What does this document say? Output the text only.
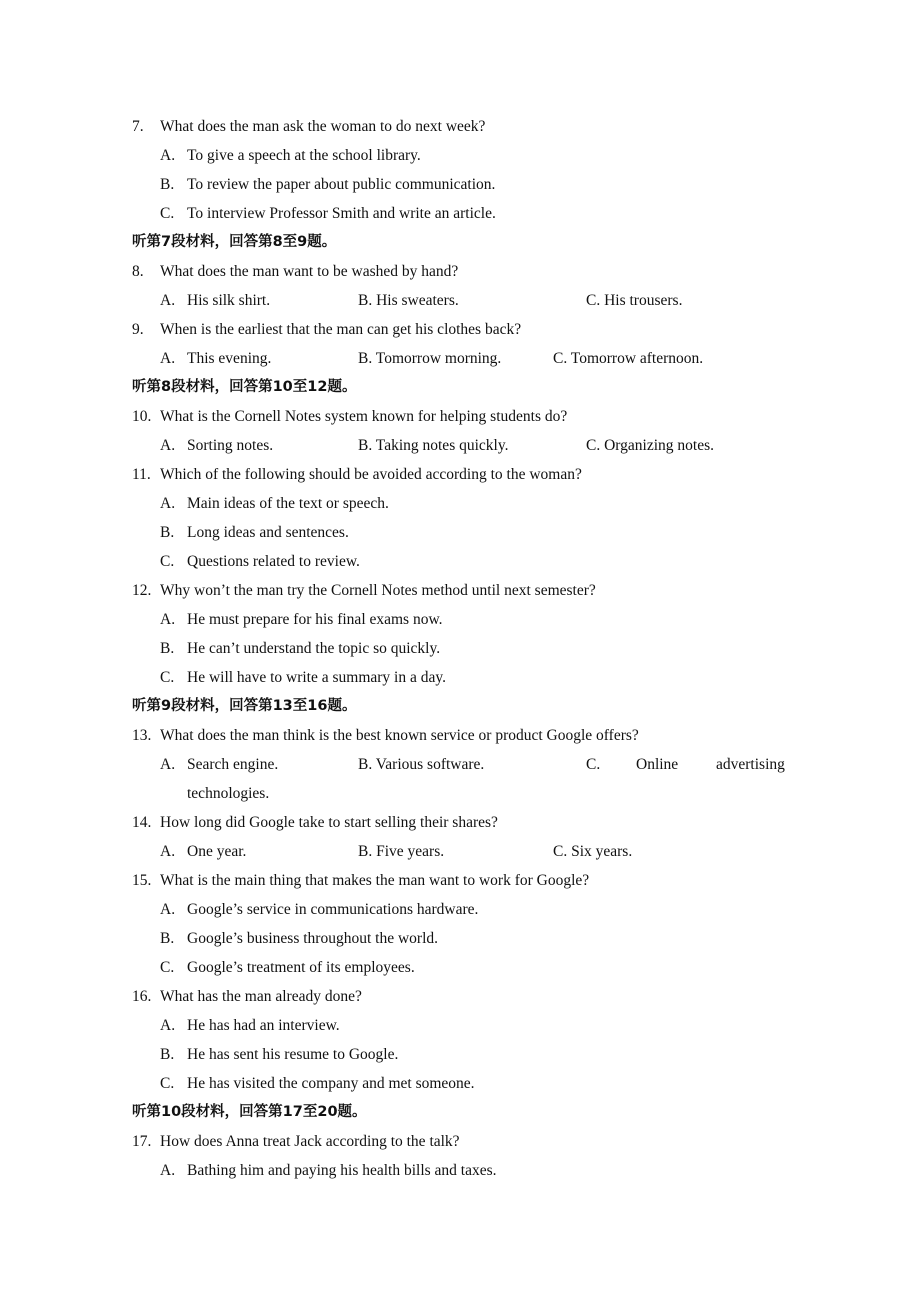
7. What does the man ask the woman to do next week?
A. To give a speech at the school library.
B. To review the paper about public communication.
C. To interview Professor Smith and write an article.
听第7段材料，回答第8至9题。
8. What does the man want to be washed by hand?
A. His silk shirt.	B. His sweaters.	C. His trousers.
9. When is the earliest that the man can get his clothes back?
A. This evening.	B. Tomorrow morning.	C. Tomorrow afternoon.
听第8段材料，回答第10至12题。
10. What is the Cornell Notes system known for helping students do?
A. Sorting notes.	B. Taking notes quickly.	C. Organizing notes.
11. Which of the following should be avoided according to the woman?
A. Main ideas of the text or speech.
B. Long ideas and sentences.
C. Questions related to review.
12. Why won’t the man try the Cornell Notes method until next semester?
A. He must prepare for his final exams now.
B. He can’t understand the topic so quickly.
C. He will have to write a summary in a day.
听第9段材料，回答第13至16题。
13. What does the man think is the best known service or product Google offers?
A. Search engine.	B. Various software.	C. Online advertising
technologies.
14. How long did Google take to start selling their shares?
A. One year.	B. Five years.	C. Six years.
15. What is the main thing that makes the man want to work for Google?
A. Google’s service in communications hardware.
B. Google’s business throughout the world.
C. Google’s treatment of its employees.
16. What has the man already done?
A. He has had an interview.
B. He has sent his resume to Google.
C. He has visited the company and met someone.
听第10段材料，回答第17至20题。
17. How does Anna treat Jack according to the talk?
A. Bathing him and paying his health bills and taxes.
